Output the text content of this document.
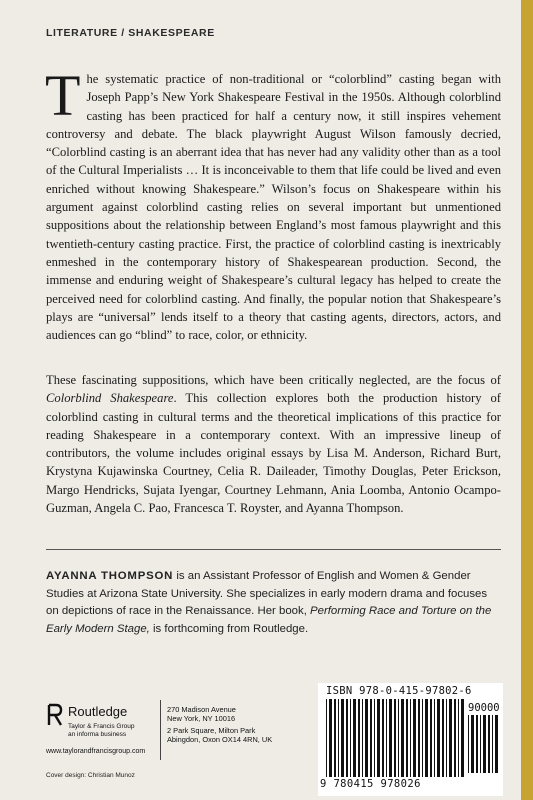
LITERATURE / SHAKESPEARE
The systematic practice of non-traditional or “colorblind” casting began with Joseph Papp’s New York Shakespeare Festival in the 1950s. Although colorblind casting has been practiced for half a century now, it still inspires vehement controversy and debate. The black playwright August Wilson famously decried, “Colorblind casting is an aberrant idea that has never had any validity other than as a tool of the Cultural Imperialists … It is inconceivable to them that life could be lived and even enriched without knowing Shakespeare.” Wilson’s focus on Shakespeare within his argument against colorblind casting relies on several important but unmentioned suppositions about the relationship between England’s most famous playwright and this twentieth-century casting practice. First, the practice of colorblind casting is inextricably enmeshed in the contemporary history of Shakespearean production. Second, the immense and enduring weight of Shakespeare’s cultural legacy has helped to create the perceived need for colorblind casting. And finally, the popular notion that Shakespeare’s plays are “universal” lends itself to a theory that casting agents, directors, actors, and audiences can go “blind” to race, color, or ethnicity.
These fascinating suppositions, which have been critically neglected, are the focus of Colorblind Shakespeare. This collection explores both the production history of colorblind casting in cultural terms and the theoretical implications of this practice for reading Shakespeare in a contemporary context. With an impressive lineup of contributors, the volume includes original essays by Lisa M. Anderson, Richard Burt, Krystyna Kujawinska Courtney, Celia R. Daileader, Timothy Douglas, Peter Erickson, Margo Hendricks, Sujata Iyengar, Courtney Lehmann, Ania Loomba, Antonio Ocampo-Guzman, Angela C. Pao, Francesca T. Royster, and Ayanna Thompson.
AYANNA THOMPSON is an Assistant Professor of English and Women & Gender Studies at Arizona State University. She specializes in early modern drama and focuses on depictions of race in the Renaissance. Her book, Performing Race and Torture on the Early Modern Stage, is forthcoming from Routledge.
Routledge
Taylor & Francis Group
an informa business
www.taylorandfrancisgroup.com
270 Madison Avenue
New York, NY 10016
2 Park Square, Milton Park
Abingdon, Oxon OX14 4RN, UK
Cover design: Christian Munoz
ISBN 978-0-415-97802-6
90000
9 780415 978026
